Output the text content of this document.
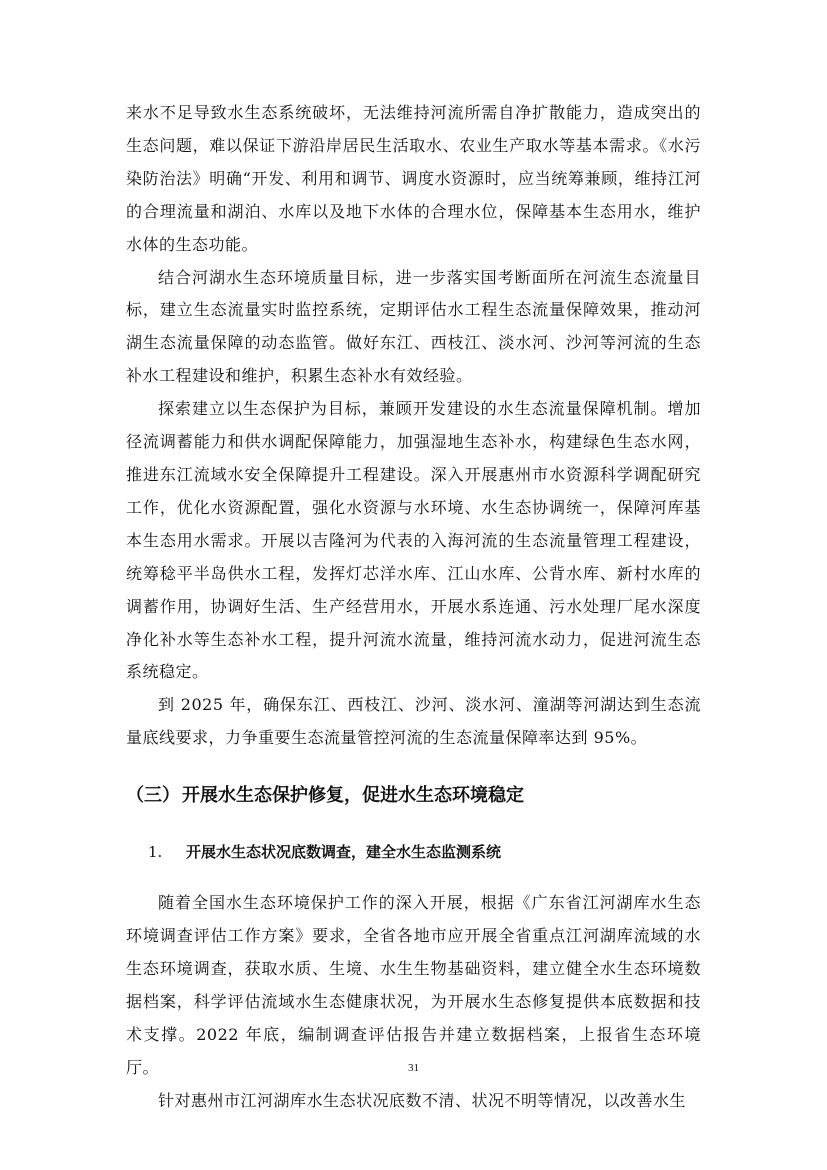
来水不足导致水生态系统破坏，无法维持河流所需自净扩散能力，造成突出的生态问题，难以保证下游沿岸居民生活取水、农业生产取水等基本需求。《水污染防治法》明确“开发、利用和调节、调度水资源时，应当统筹兼顾，维持江河的合理流量和湖泊、水库以及地下水体的合理水位，保障基本生态用水，维护水体的生态功能。

结合河湖水生态环境质量目标，进一步落实国考断面所在河流生态流量目标，建立生态流量实时监控系统，定期评估水工程生态流量保障效果，推动河湖生态流量保障的动态监管。做好东江、西枝江、淡水河、沙河等河流的生态补水工程建设和维护，积累生态补水有效经验。

探索建立以生态保护为目标，兼顾开发建设的水生态流量保障机制。增加径流调蓄能力和供水调配保障能力，加强湿地生态补水，构建绿色生态水网，推进东江流域水安全保障提升工程建设。深入开展惠州市水资源科学调配研究工作，优化水资源配置，强化水资源与水环境、水生态协调统一，保障河库基本生态用水需求。开展以吉隆河为代表的入海河流的生态流量管理工程建设，统筹稔平半岛供水工程，发挥灯芯洋水库、江山水库、公背水库、新村水库的调蓄作用，协调好生活、生产经营用水，开展水系连通、污水处理厂尾水深度净化补水等生态补水工程，提升河流水流量，维持河流水动力，促进河流生态系统稳定。

到 2025 年，确保东江、西枝江、沙河、淡水河、潼湖等河湖达到生态流量底线要求，力争重要生态流量管控河流的生态流量保障率达到 95%。

（三） 开展水生态保护修复，促进水生态环境稳定
1. 开展水生态状况底数调查，建全水生态监测系统

随着全国水生态环境保护工作的深入开展，根据《广东省江河湖库水生态环境调查评估工作方案》要求，全省各地市应开展全省重点江河湖库流域的水生态环境调查，获取水质、生境、水生生物基础资料，建立健全水生态环境数据档案，科学评估流域水生态健康状况，为开展水生态修复提供本底数据和技术支撑。2022 年底，编制调查评估报告并建立数据档案，上报省生态环境厅。

针对惠州市江河湖库水生态状况底数不清、状况不明等情况，以改善水生

31
